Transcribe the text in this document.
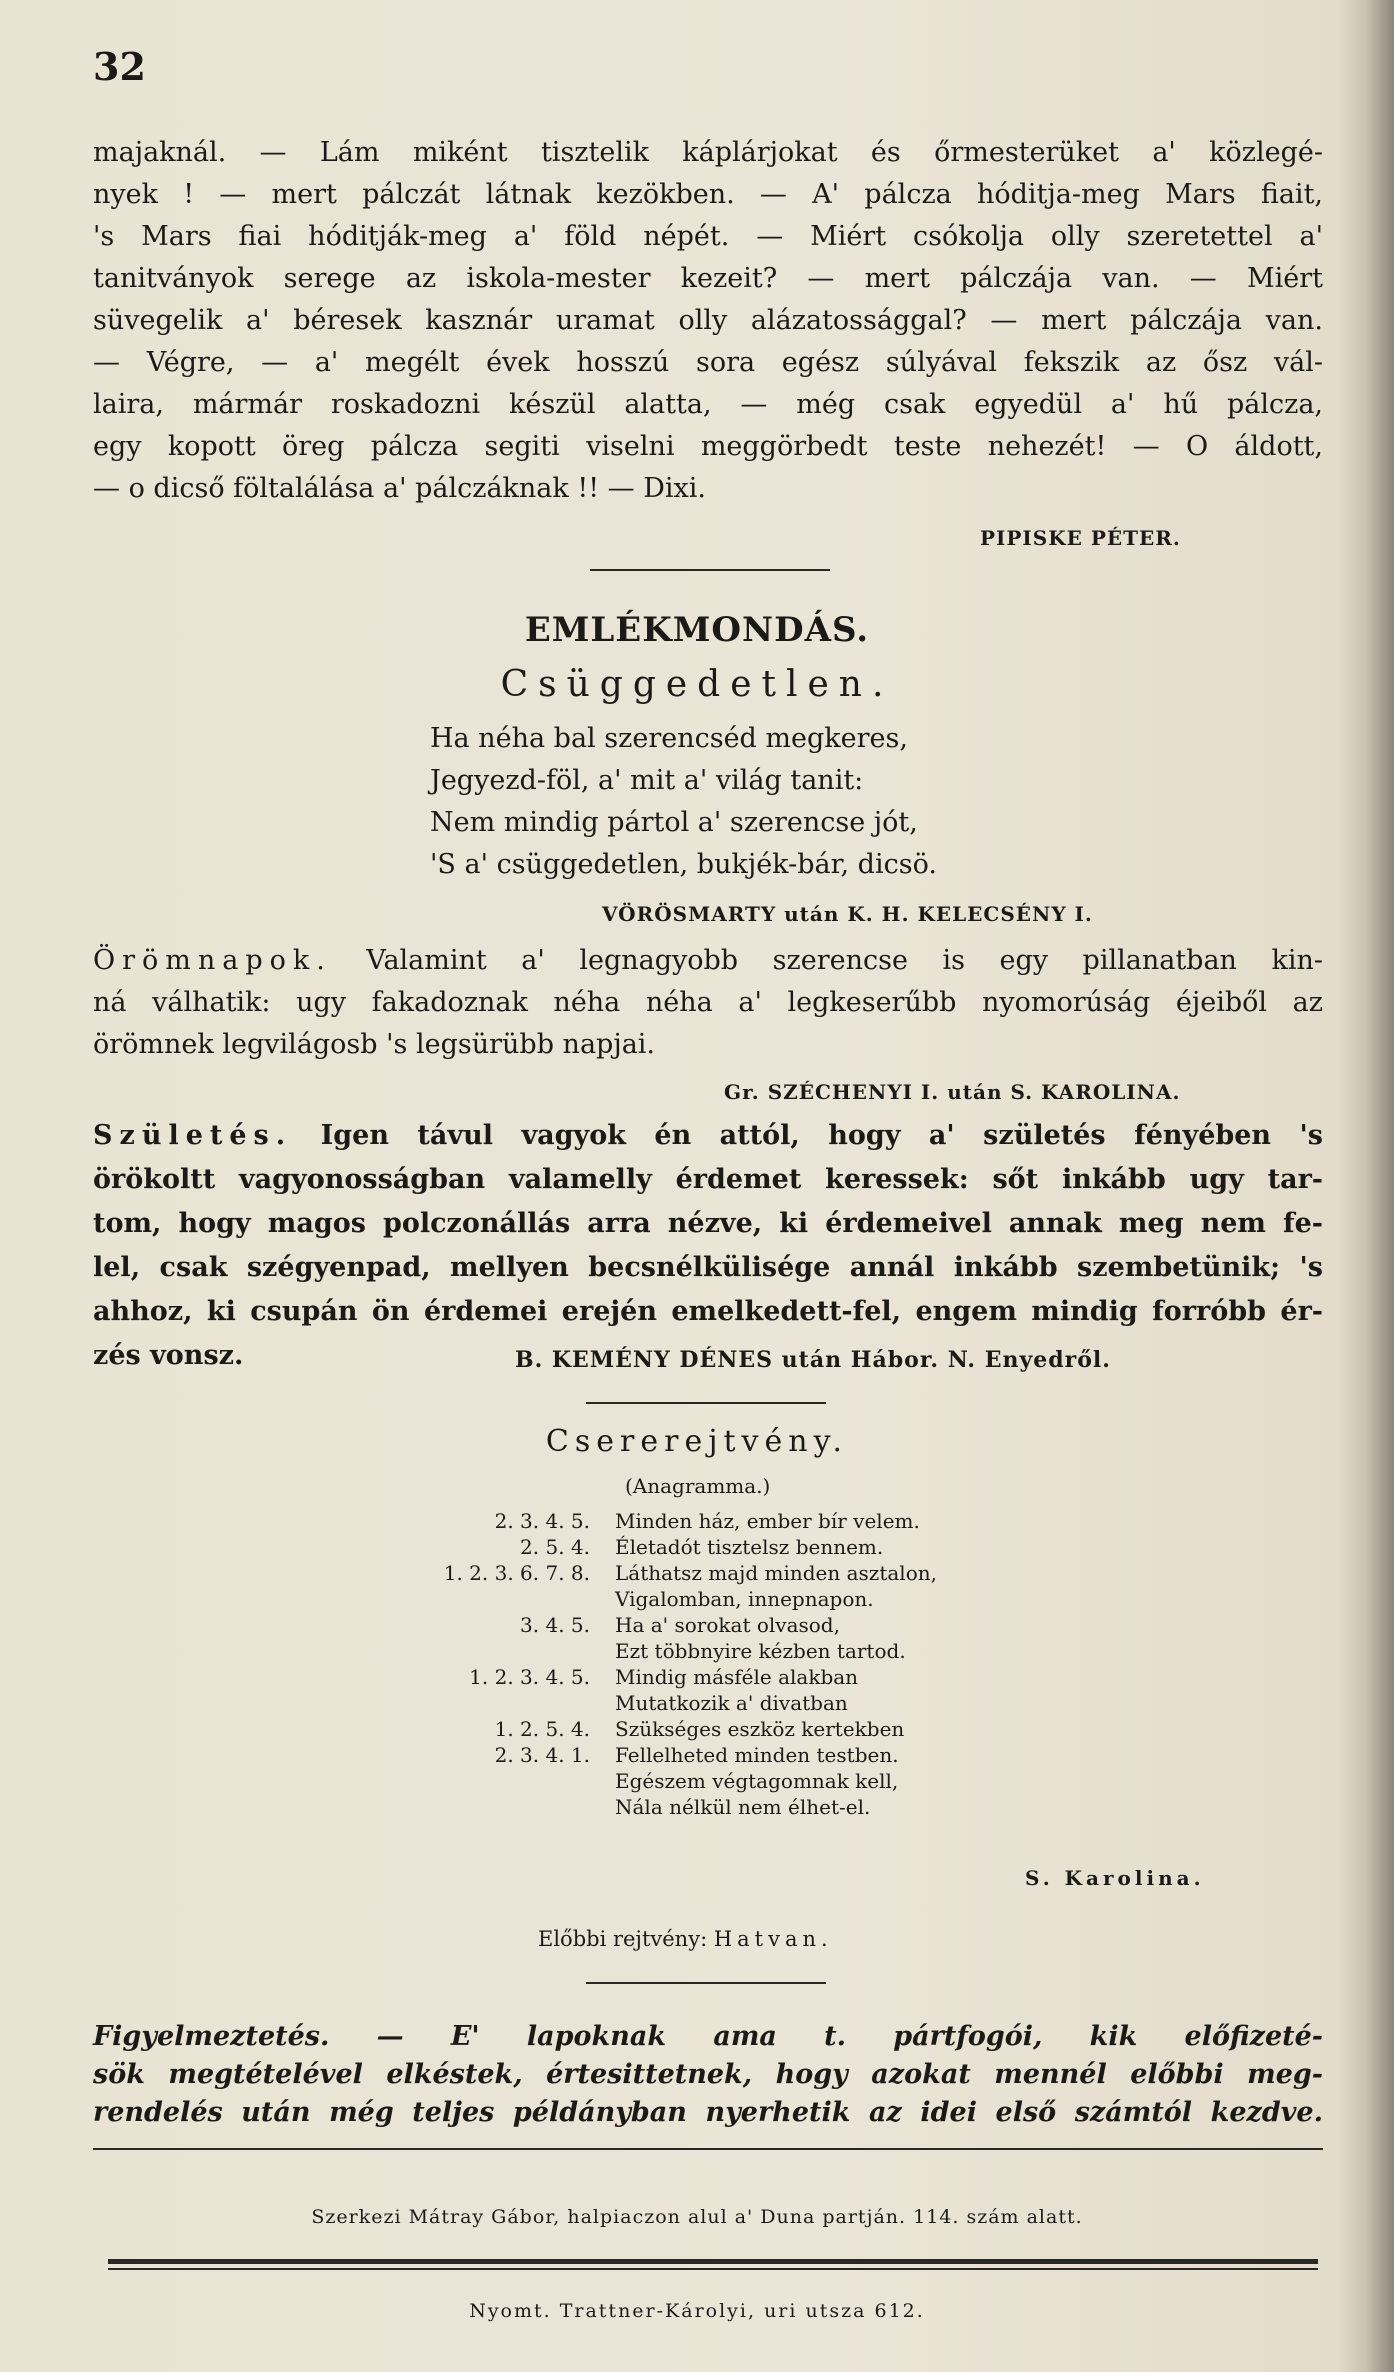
32
majaknál. — Lám miként tisztelik káplárjokat és őrmesterüket a' közlegé-
nyek ! — mert pálczát látnak kezökben. — A' pálcza hóditja-meg Mars fiait,
's Mars fiai hóditják-meg a' föld népét. — Miért csókolja olly szeretettel a'
tanitványok serege az iskola-mester kezeit? — mert pálczája van. — Miért
süvegelik a' béresek kasznár uramat olly alázatossággal? — mert pálczája van.
— Végre, — a' megélt évek hosszú sora egész súlyával fekszik az ősz vál-
laira, mármár roskadozni készül alatta, — még csak egyedül a' hű pálcza,
egy kopott öreg pálcza segiti viselni meggörbedt teste nehezét! — O áldott,
— o dicső föltalálása a' pálczáknak !! — Dixi.
PIPISKE PÉTER.
EMLÉKMONDÁS.
Csüggedetlen.
Ha néha bal szerencséd megkeres,
Jegyezd-föl, a' mit a' világ tanit:
Nem mindig pártol a' szerencse jót,
'S a' csüggedetlen, bukjék-bár, dicsö.
VÖRÖSMARTY után K. H. KELECSÉNY I.
Örömnapok. Valamint a' legnagyobb szerencse is egy pillanatban kin-
ná válhatik: ugy fakadoznak néha néha a' legkeserűbb nyomorúság éjeiből az
örömnek legvilágosb 's legsürübb napjai.
Gr. SZÉCHENYI I. után S. KAROLINA.
Születés. Igen távul vagyok én attól, hogy a' születés fényében 's
örökoltt vagyonosságban valamelly érdemet keressek: sőt inkább ugy tar-
tom, hogy magos polczonállás arra nézve, ki érdemeivel annak meg nem fe-
lel, csak szégyenpad, mellyen becsnélkülisége annál inkább szembetünik; 's
ahhoz, ki csupán ön érdemei erején emelkedett-fel, engem mindig forróbb ér-
zés vonsz.	B. KEMÉNY DÉNES után Hábor. N. Enyedről.
Csererejtvény.
(Anagramma.)
2. 3. 4. 5.	Minden ház, ember bír velem.
2. 5. 4.	Életadót tisztelsz bennem.
1. 2. 3. 6. 7. 8.	Láthatsz majd minden asztalon,
Vigalomban, innepnapon.
3. 4. 5.	Ha a' sorokat olvasod,
Ezt többnyire kézben tartod.
1. 2. 3. 4. 5.	Mindig másféle alakban
Mutatkozik a' divatban
1. 2. 5. 4.	Szükséges eszköz kertekben
2. 3. 4. 1.	Fellelheted minden testben.
Egészem végtagomnak kell,
Nála nélkül nem élhet-el.
S. Karolina.
Előbbi rejtvény: Hatvan.
Figyelmeztetés. — E' lapoknak ama t. pártfogói, kik előfizeté-
sök megtételével elkéstek, értesittetnek, hogy azokat mennél előbbi meg-
rendelés után még teljes példányban nyerhetik az idei első számtól kezdve.
Szerkezi Mátray Gábor, halpiaczon alul a' Duna partján. 114. szám alatt.
Nyomt. Trattner-Károlyi, uri utsza 612.
